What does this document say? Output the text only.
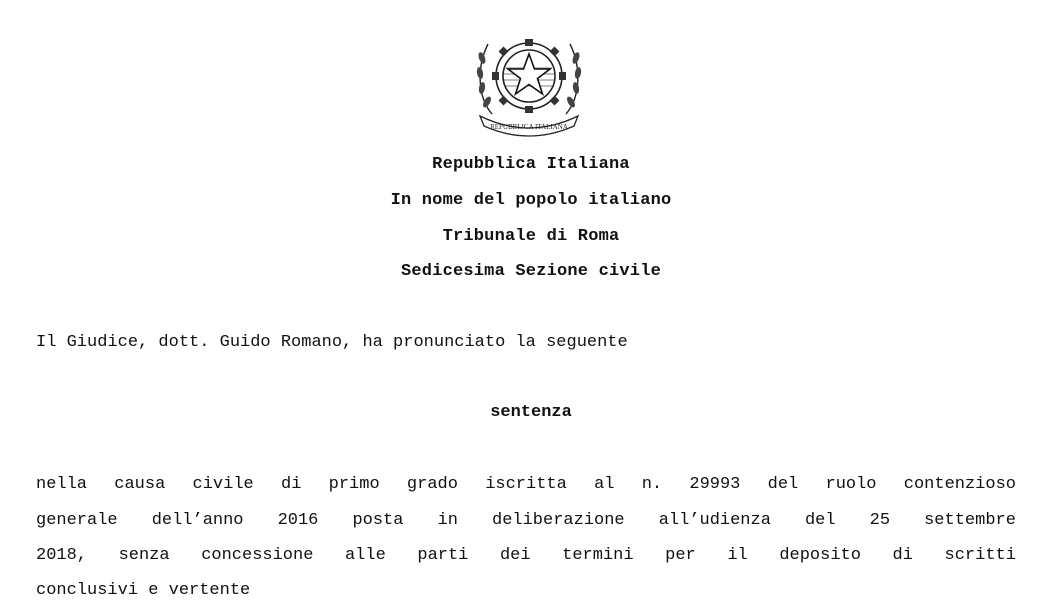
REPUBBLICA ITALIANA
Repubblica Italiana
In nome del popolo italiano
Tribunale di Roma
Sedicesima Sezione civile
Il Giudice, dott. Guido Romano, ha pronunciato la seguente
sentenza
nella causa civile di primo grado iscritta al n. 29993 del ruolo contenzioso
generale dell’anno 2016 posta in deliberazione all’udienza del 25 settembre
2018, senza concessione alle parti dei termini per il deposito di scritti
conclusivi e vertente
